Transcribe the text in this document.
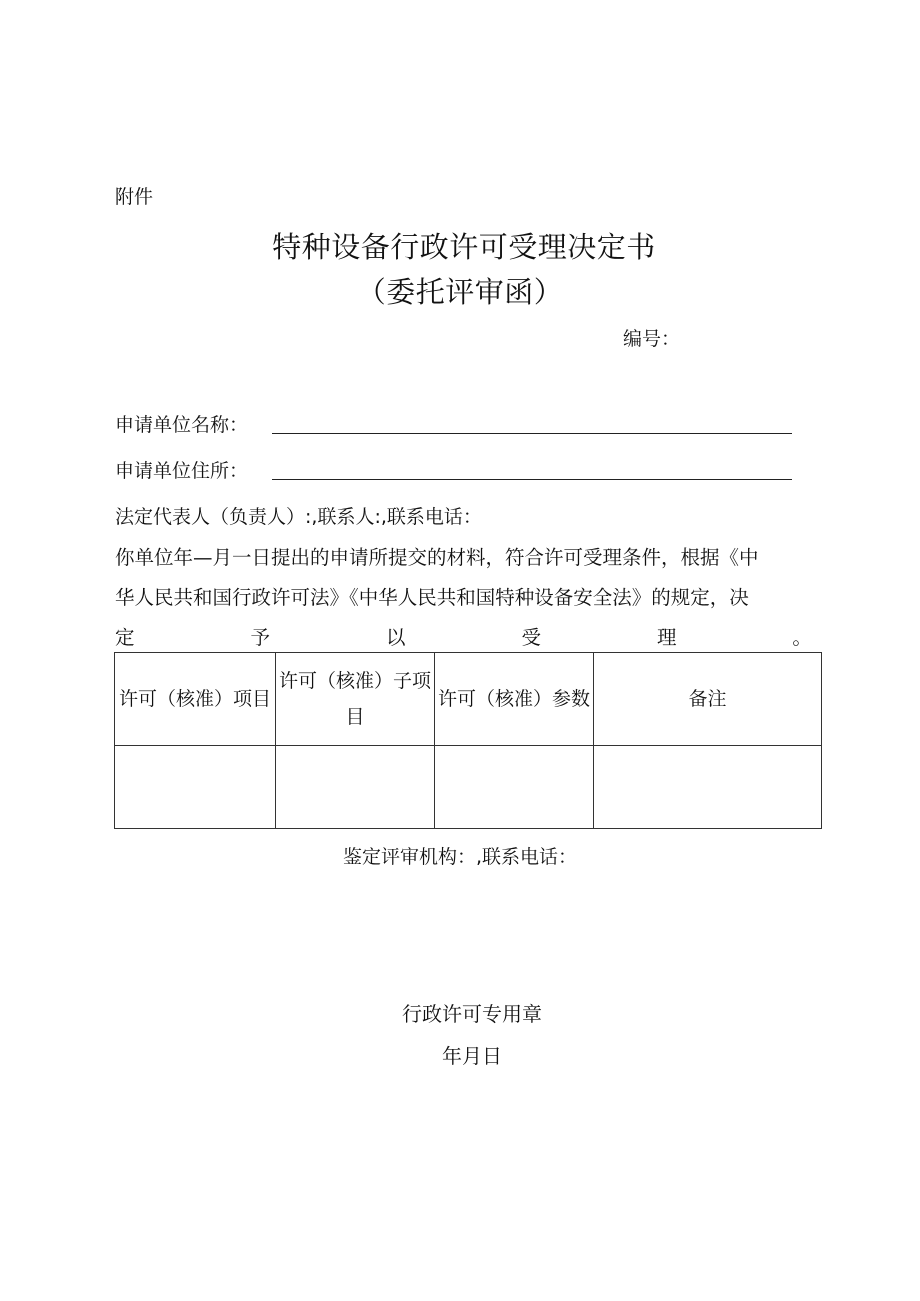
附件
特种设备行政许可受理决定书
（委托评审函）
编号：
申请单位名称：
申请单位住所：
法定代表人（负责人）:,联系人:,联系电话：
你单位年—月一日提出的申请所提交的材料，符合许可受理条件，根据《中
华人民共和国行政许可法》《中华人民共和国特种设备安全法》的规定，决
定	予	以	受	理	。
许可（核准）项目	许可（核准）子项目	许可（核准）参数	备注

鉴定评审机构：,联系电话：
行政许可专用章
年月日
